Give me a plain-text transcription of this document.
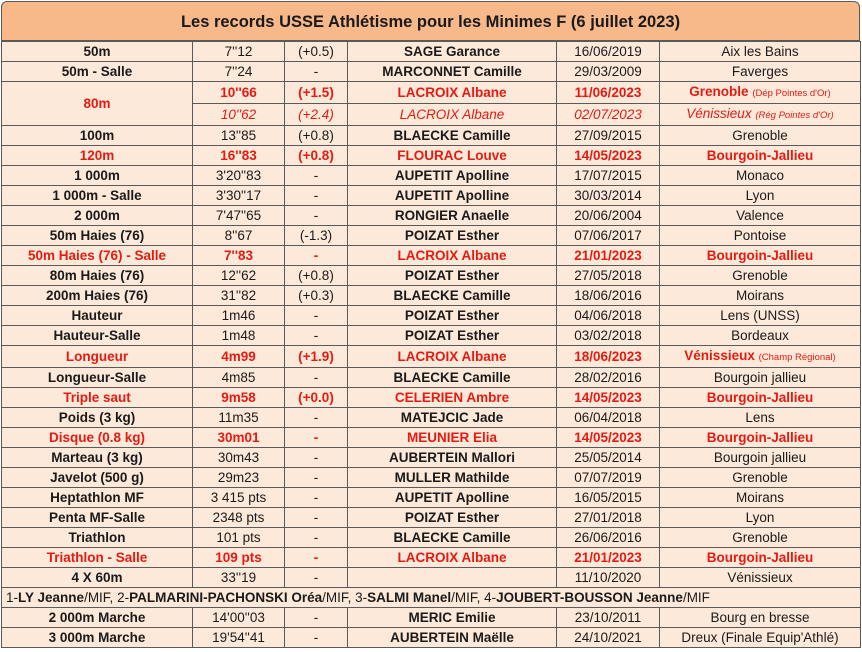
Les records USSE Athlétisme pour les Minimes F (6 juillet 2023)
50m	7''12	(+0.5)	SAGE Garance	16/06/2019	Aix les Bains
50m - Salle	7''24	-	MARCONNET Camille	29/03/2009	Faverges
80m	10''66	(+1.5)	LACROIX Albane	11/06/2023	Grenoble (Dép Pointes d'Or)
	10''62	(+2.4)	LACROIX Albane	02/07/2023	Vénissieux (Rég Pointes d'Or)
100m	13''85	(+0.8)	BLAECKE Camille	27/09/2015	Grenoble
120m	16''83	(+0.8)	FLOURAC Louve	14/05/2023	Bourgoin-Jallieu
1 000m	3'20''83	-	AUPETIT Apolline	17/07/2015	Monaco
1 000m - Salle	3'30''17	-	AUPETIT Apolline	30/03/2014	Lyon
2 000m	7'47''65	-	RONGIER Anaelle	20/06/2004	Valence
50m Haies (76)	8''67	(-1.3)	POIZAT Esther	07/06/2017	Pontoise
50m Haies (76) - Salle	7''83	-	LACROIX Albane	21/01/2023	Bourgoin-Jallieu
80m Haies (76)	12''62	(+0.8)	POIZAT Esther	27/05/2018	Grenoble
200m Haies (76)	31''82	(+0.3)	BLAECKE Camille	18/06/2016	Moirans
Hauteur	1m46	-	POIZAT Esther	04/06/2018	Lens (UNSS)
Hauteur-Salle	1m48	-	POIZAT Esther	03/02/2018	Bordeaux
Longueur	4m99	(+1.9)	LACROIX Albane	18/06/2023	Vénissieux (Champ Régional)
Longueur-Salle	4m85	-	BLAECKE Camille	28/02/2016	Bourgoin jallieu
Triple saut	9m58	(+0.0)	CELERIEN Ambre	14/05/2023	Bourgoin-Jallieu
Poids (3 kg)	11m35	-	MATEJCIC Jade	06/04/2018	Lens
Disque (0.8 kg)	30m01	-	MEUNIER Elia	14/05/2023	Bourgoin-Jallieu
Marteau (3 kg)	30m43	-	AUBERTEIN Mallori	25/05/2014	Bourgoin jallieu
Javelot (500 g)	29m23	-	MULLER Mathilde	07/07/2019	Grenoble
Heptathlon MF	3 415 pts	-	AUPETIT Apolline	16/05/2015	Moirans
Penta MF-Salle	2348 pts	-	POIZAT Esther	27/01/2018	Lyon
Triathlon	101 pts	-	BLAECKE Camille	26/06/2016	Grenoble
Triathlon - Salle	109 pts	-	LACROIX Albane	21/01/2023	Bourgoin-Jallieu
4 X 60m	33''19	-		11/10/2020	Vénissieux
1-LY Jeanne/MIF, 2-PALMARINI-PACHONSKI Oréa/MIF, 3-SALMI Manel/MIF, 4-JOUBERT-BOUSSON Jeanne/MIF					
2 000m Marche	14'00''03	-	MERIC Emilie	23/10/2011	Bourg en bresse
3 000m Marche	19'54''41	-	AUBERTEIN Maëlle	24/10/2021	Dreux (Finale Equip'Athlé)
